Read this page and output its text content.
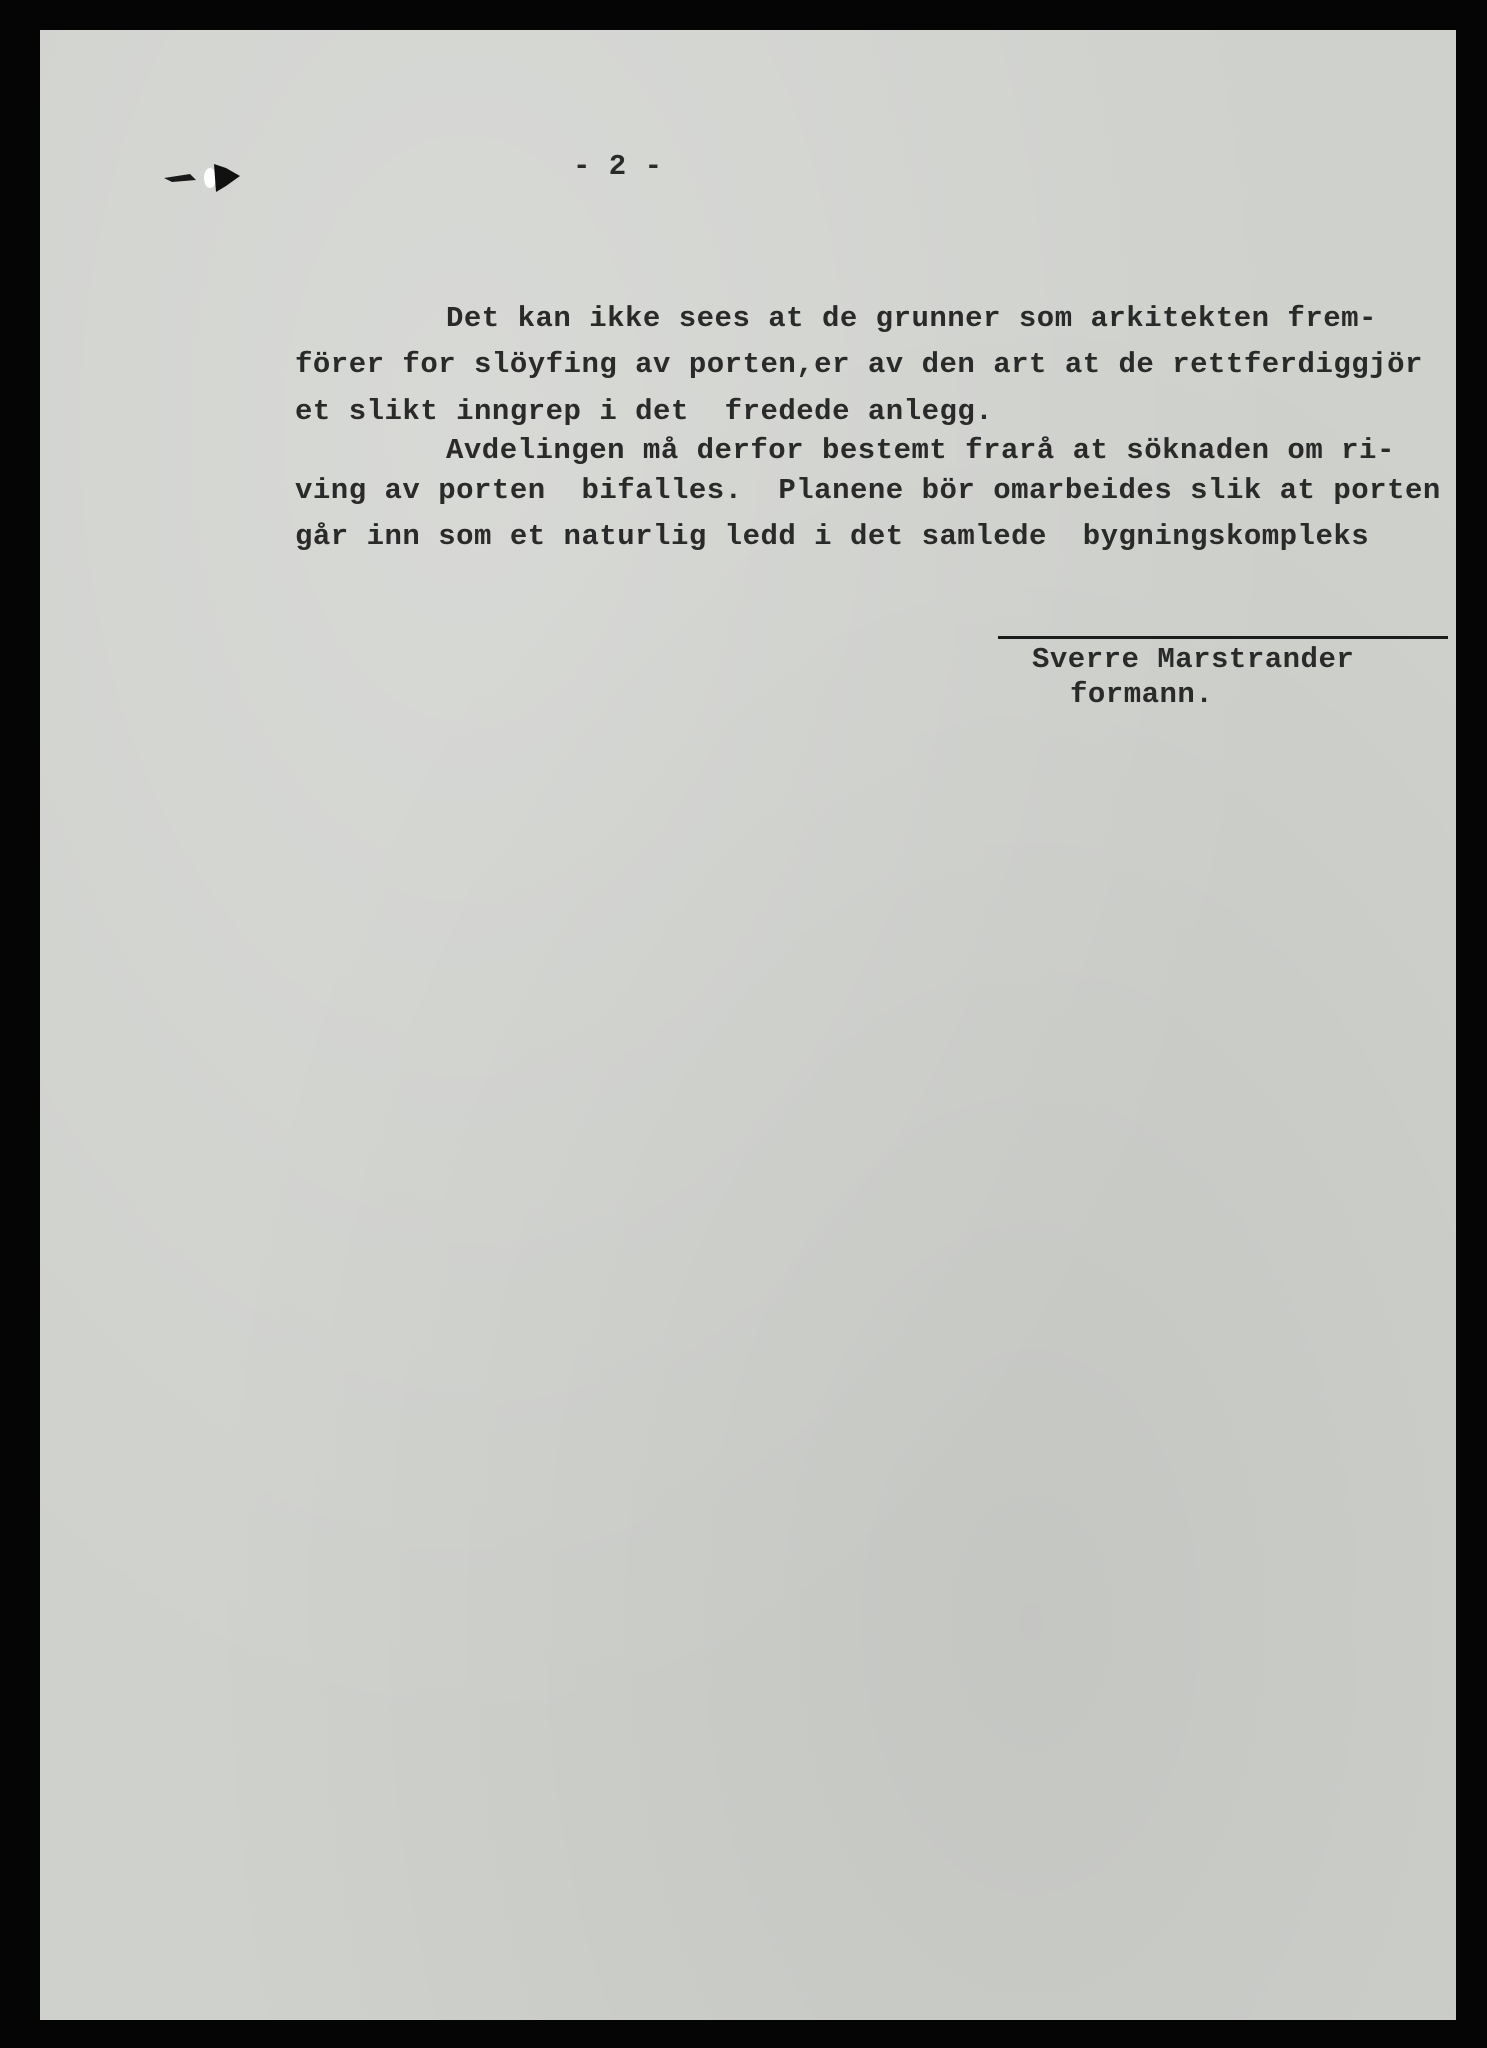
- 2 -
Det kan ikke sees at de grunner som arkitekten frem-
förer for slöyfing av porten,er av den art at de rettferdiggjör
et slikt inngrep i det  fredede anlegg.
Avdelingen må derfor bestemt frarå at söknaden om ri-
ving av porten  bifalles.  Planene bör omarbeides slik at porten
går inn som et naturlig ledd i det samlede  bygningskompleks
Sverre Marstrander
formann.
